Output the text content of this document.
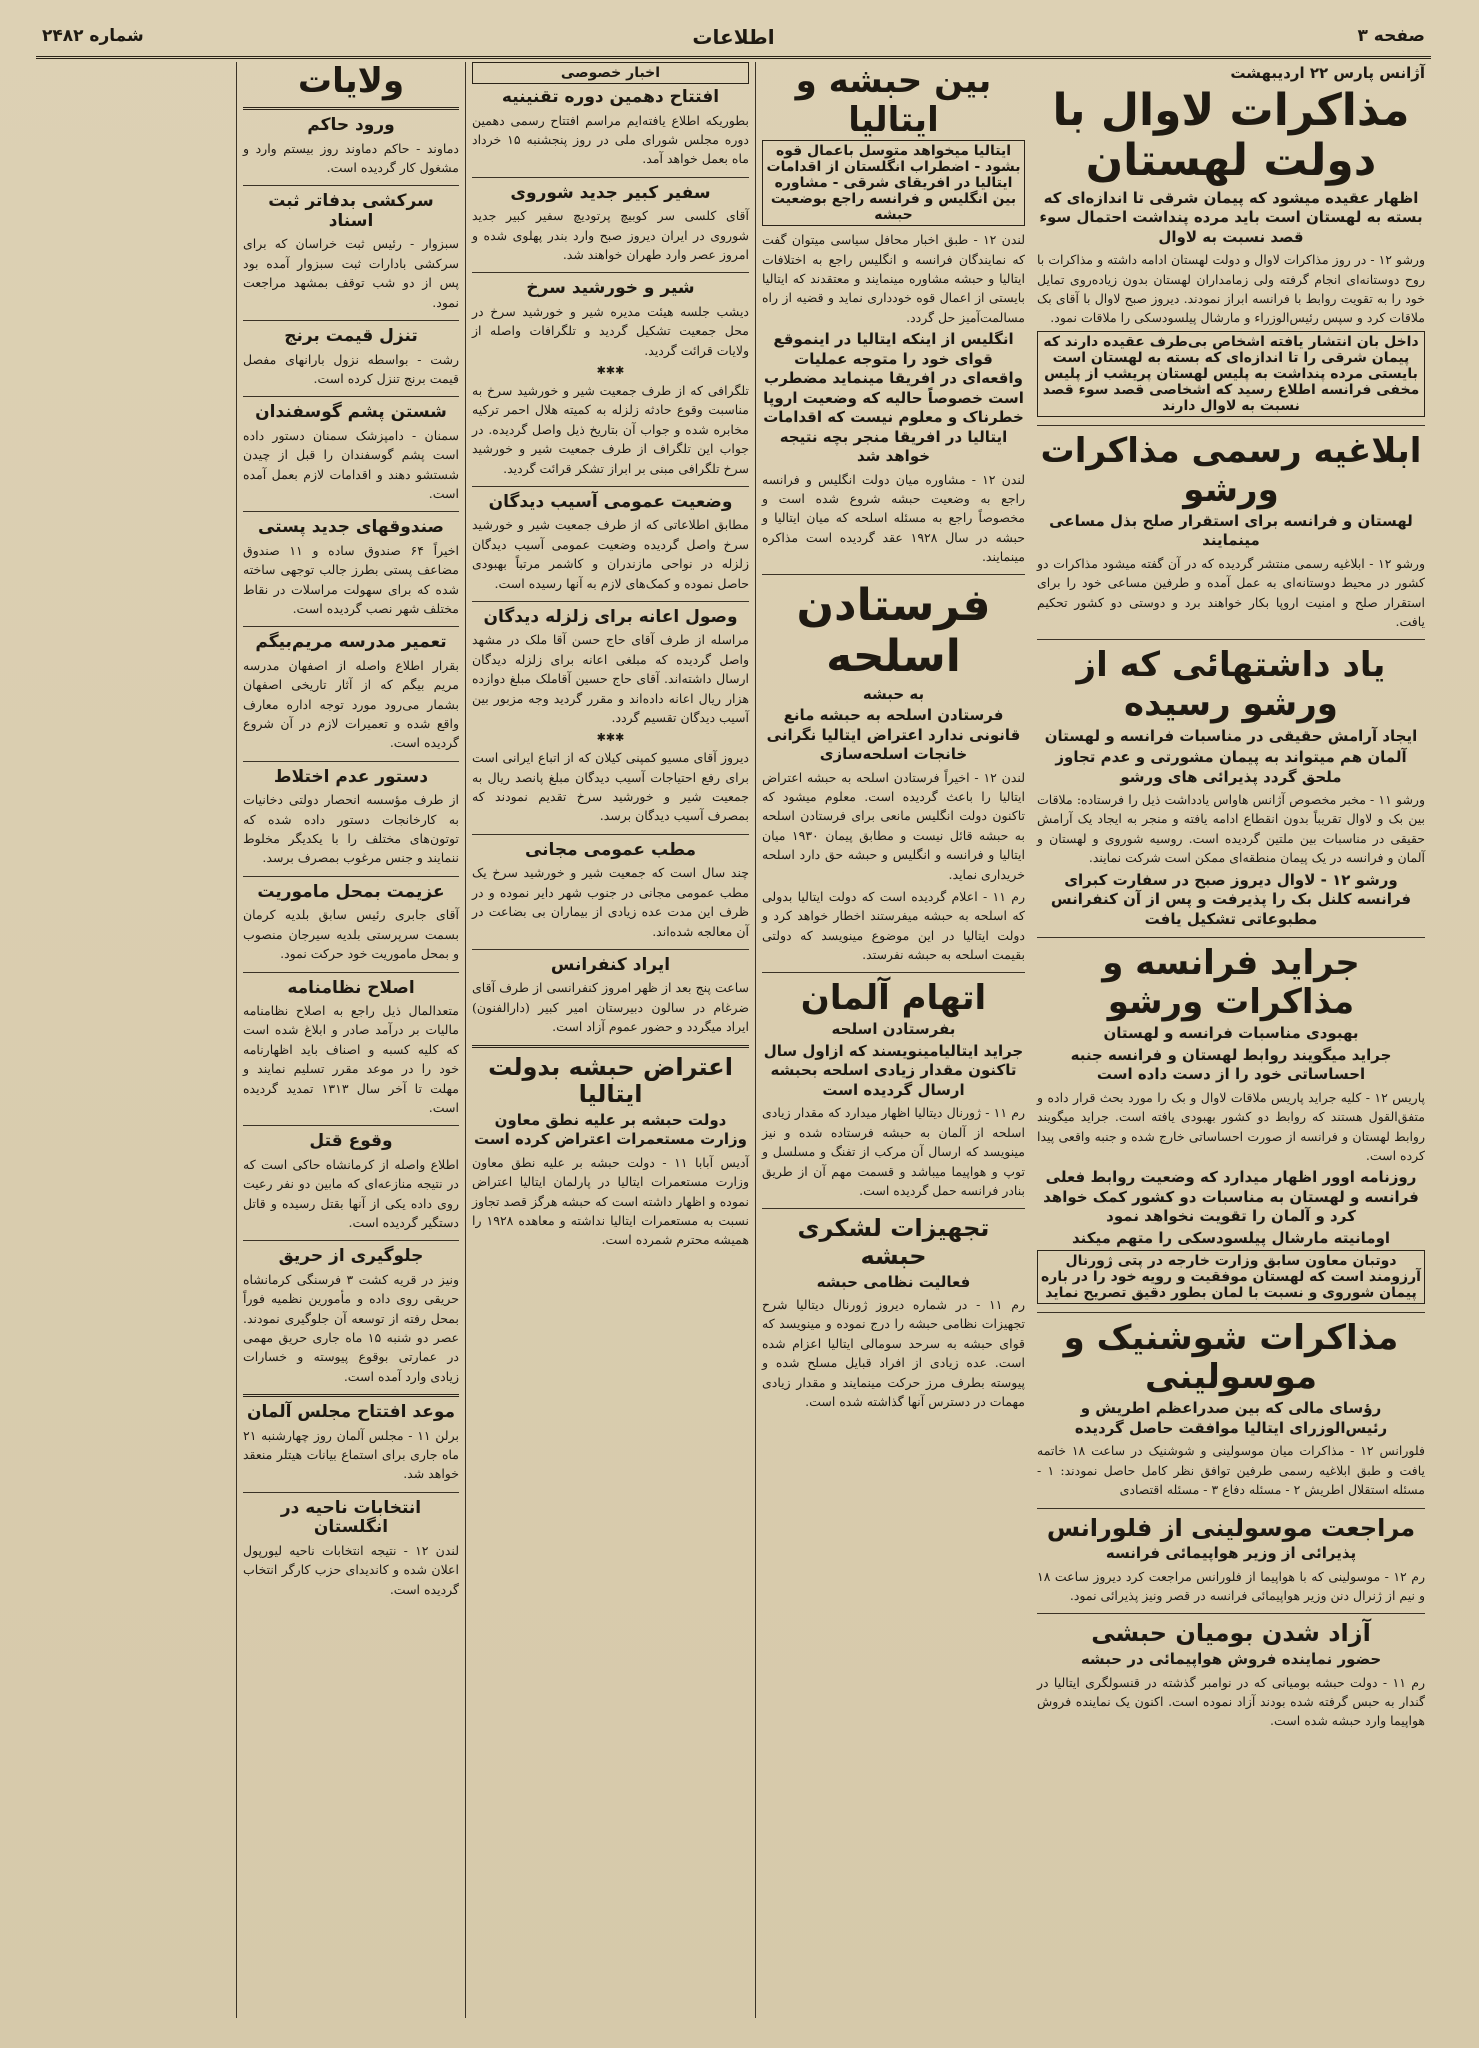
صفحه ۳
اطلاعات
شماره ۲۴۸۲
آژانس پارس ۲۲ اردیبهشت
مذاکرات لاوال با دولت لهستان
اظهار عقیده میشود که پیمان شرقی تا اندازه‌ای که بسته به لهستان است باید مرده پنداشت احتمال سوء قصد نسبت به لاوال

ورشو ۱۲ - در روز مذاکرات لاوال و دولت لهستان ادامه داشته و مذاکرات با روح دوستانه‌ای انجام گرفته ولی زمامداران لهستان بدون زیاده‌روی تمایل خود را به تقویت روابط با فرانسه ابراز نمودند. دیروز صبح لاوال با آقای بک ملاقات کرد و سپس رئیس‌الوزراء و مارشال پیلسودسکی را ملاقات نمود.

داخل بان انتشار یافته اشخاص بی‌طرف عقیده دارند که پیمان شرقی را تا اندازه‌ای که بسته به لهستان است بایستی مرده پنداشت به پلیس لهستان پریشب از پلیس مخفی فرانسه اطلاع رسید که اشخاصی قصد سوء قصد نسبت به لاوال دارند
ابلاغیه رسمی مذاکرات ورشو
لهستان و فرانسه برای استقرار صلح بذل مساعی مینمایند

ورشو ۱۲ - ابلاغیه رسمی منتشر گردیده که در آن گفته میشود مذاکرات دو کشور در محیط دوستانه‌ای به عمل آمده و طرفین مساعی خود را برای استقرار صلح و امنیت اروپا بکار خواهند برد و دوستی دو کشور تحکیم یافت.

یاد داشتهائی که از ورشو رسیده
ایجاد آرامش حقیقی در مناسبات فرانسه و لهستان
آلمان هم میتواند به پیمان مشورتی و عدم تجاوز ملحق گردد پذیرائی های ورشو

ورشو ۱۱ - مخبر مخصوص آژانس هاواس یادداشت ذیل را فرستاده: ملاقات بین بک و لاوال تقریباً بدون انقطاع ادامه یافته و منجر به ایجاد یک آرامش حقیقی در مناسبات بین ملتین گردیده است. روسیه شوروی و لهستان و آلمان و فرانسه در یک پیمان منطقه‌ای ممکن است شرکت نمایند.

ورشو ۱۲ - لاوال دیروز صبح در سفارت کبرای فرانسه کلنل بک را پذیرفت و پس از آن کنفرانس مطبوعاتی تشکیل یافت
جراید فرانسه و مذاکرات ورشو
بهبودی مناسبات فرانسه و لهستان
جراید میگویند روابط لهستان و فرانسه جنبه احساساتی خود را از دست داده است

پاریس ۱۲ - کلیه جراید پاریس ملاقات لاوال و بک را مورد بحث قرار داده و متفق‌القول هستند که روابط دو کشور بهبودی یافته است. جراید میگویند روابط لهستان و فرانسه از صورت احساساتی خارج شده و جنبه واقعی پیدا کرده است.

روزنامه اوور اظهار میدارد که وضعیت روابط فعلی فرانسه و لهستان به مناسبات دو کشور کمک خواهد کرد و آلمان را تقویت نخواهد نمود
اومانیته مارشال پیلسودسکی را متهم میکند
دوتبان معاون سابق وزارت خارجه در پتی ژورنال آرزومند است که لهستان موفقیت و رویه خود را در باره پیمان شوروی و نسبت با لمان بطور دقیق تصریح نماید
مذاکرات شوشنیک و موسولینی
رؤسای مالی که بین صدراعظم اطریش و رئیس‌الوزرای ایتالیا موافقت حاصل گردیده

فلورانس ۱۲ - مذاکرات میان موسولینی و شوشنیک در ساعت ۱۸ خاتمه یافت و طبق ابلاغیه رسمی طرفین توافق نظر کامل حاصل نمودند: ۱ - مسئله استقلال اطریش ۲ - مسئله دفاع ۳ - مسئله اقتصادی

مراجعت موسولینی از فلورانس
پذیرائی از وزیر هواپیمائی فرانسه

رم ۱۲ - موسولینی که با هواپیما از فلورانس مراجعت کرد دیروز ساعت ۱۸ و نیم از ژنرال دنن وزیر هواپیمائی فرانسه در قصر ونیز پذیرائی نمود.

آزاد شدن بومیان حبشی
حضور نماینده فروش هواپیمائی در حبشه

رم ۱۱ - دولت حبشه بومیانی که در نوامبر گذشته در قنسولگری ایتالیا در گندار به حبس گرفته شده بودند آزاد نموده است. اکنون یک نماینده فروش هواپیما وارد حبشه شده است.

بین حبشه و ایتالیا
ایتالیا میخواهد متوسل باعمال قوه بشود - اضطراب انگلستان از اقدامات ایتالیا در افریقای شرقی - مشاوره بین انگلیس و فرانسه راجع بوضعیت حبشه

لندن ۱۲ - طبق اخبار محافل سیاسی میتوان گفت که نمایندگان فرانسه و انگلیس راجع به اختلافات ایتالیا و حبشه مشاوره مینمایند و معتقدند که ایتالیا بایستی از اعمال قوه خودداری نماید و قضیه از راه مسالمت‌آمیز حل گردد.

انگلیس از اینکه ایتالیا در اینموقع قوای خود را متوجه عملیات واقعه‌ای در افریقا مینماید مضطرب است خصوصاً حالیه که وضعیت اروپا خطرناک و معلوم نیست که اقدامات ایتالیا در افریقا منجر بچه نتیجه خواهد شد

لندن ۱۲ - مشاوره میان دولت انگلیس و فرانسه راجع به وضعیت حبشه شروع شده است و مخصوصاً راجع به مسئله اسلحه که میان ایتالیا و حبشه در سال ۱۹۲۸ عقد گردیده است مذاکره مینمایند.

فرستادن اسلحه
به حبشه
فرستادن اسلحه به حبشه مانع قانونی ندارد اعتراض ایتالیا نگرانی خانجات اسلحه‌سازی

لندن ۱۲ - اخیراً فرستادن اسلحه به حبشه اعتراض ایتالیا را باعث گردیده است. معلوم میشود که تاکنون دولت انگلیس مانعی برای فرستادن اسلحه به حبشه قائل نیست و مطابق پیمان ۱۹۳۰ میان ایتالیا و فرانسه و انگلیس و حبشه حق دارد اسلحه خریداری نماید.

رم ۱۱ - اعلام گردیده است که دولت ایتالیا بدولی که اسلحه به حبشه میفرستند اخطار خواهد کرد و دولت ایتالیا در این موضوع مینویسد که دولتی بقیمت اسلحه به حبشه نفرستد.

اتهام آلمان
بفرستادن اسلحه
جراید ایتالیامینویسند که ازاول سال تاکنون مقدار زیادی اسلحه بحبشه ارسال گردیده است

رم ۱۱ - ژورنال دیتالیا اظهار میدارد که مقدار زیادی اسلحه از آلمان به حبشه فرستاده شده و نیز مینویسد که ارسال آن مرکب از تفنگ و مسلسل و توپ و هواپیما میباشد و قسمت مهم آن از طریق بنادر فرانسه حمل گردیده است.

تجهیزات لشکری حبشه
فعالیت نظامی حبشه

رم ۱۱ - در شماره دیروز ژورنال دیتالیا شرح تجهیزات نظامی حبشه را درج نموده و مینویسد که قوای حبشه به سرحد سومالی ایتالیا اعزام شده است. عده زیادی از افراد قبایل مسلح شده و پیوسته بطرف مرز حرکت مینمایند و مقدار زیادی مهمات در دسترس آنها گذاشته شده است.

اخبار خصوصی
افتتاح دهمین دوره تقنینیه

بطوریکه اطلاع یافته‌ایم مراسم افتتاح رسمی دهمین دوره مجلس شورای ملی در روز پنجشنبه ۱۵ خرداد ماه بعمل خواهد آمد.

سفیر کبیر جدید شوروی

آقای کلسی سر کوبیچ پرتودیچ سفیر کبیر جدید شوروی در ایران دیروز صبح وارد بندر پهلوی شده و امروز عصر وارد طهران خواهند شد.

شیر و خورشید سرخ

دیشب جلسه هیئت مدیره شیر و خورشید سرخ در محل جمعیت تشکیل گردید و تلگرافات واصله از ولایات قرائت گردید.

✱✱✱

تلگرافی که از طرف جمعیت شیر و خورشید سرخ به مناسبت وقوع حادثه زلزله به کمیته هلال احمر ترکیه مخابره شده و جواب آن بتاریخ ذیل واصل گردیده. در جواب این تلگراف از طرف جمعیت شیر و خورشید سرخ تلگرافی مبنی بر ابراز تشکر قرائت گردید.

وضعیت عمومی آسیب دیدگان

مطابق اطلاعاتی که از طرف جمعیت شیر و خورشید سرخ واصل گردیده وضعیت عمومی آسیب دیدگان زلزله در نواحی مازندران و کاشمر مرتباً بهبودی حاصل نموده و کمک‌های لازم به آنها رسیده است.

وصول اعانه برای زلزله دیدگان

مراسله از طرف آقای حاج حسن آقا ملک در مشهد واصل گردیده که مبلغی اعانه برای زلزله دیدگان ارسال داشته‌اند. آقای حاج حسین آقاملک مبلغ دوازده هزار ریال اعانه داده‌اند و مقرر گردید وجه مزبور بین آسیب دیدگان تقسیم گردد.

✱✱✱

دیروز آقای مسیو کمپنی کیلان که از اتباع ایرانی است برای رفع احتیاجات آسیب دیدگان مبلغ پانصد ریال به جمعیت شیر و خورشید سرخ تقدیم نمودند که بمصرف آسیب دیدگان برسد.

مطب عمومی مجانی

چند سال است که جمعیت شیر و خورشید سرخ یک مطب عمومی مجانی در جنوب شهر دایر نموده و در ظرف این مدت عده زیادی از بیماران بی بضاعت در آن معالجه شده‌اند.

ایراد کنفرانس

ساعت پنج بعد از ظهر امروز کنفرانسی از طرف آقای ضرغام در سالون دبیرستان امیر کبیر (دارالفنون) ایراد میگردد و حضور عموم آزاد است.

اعتراض حبشه بدولت ایتالیا
دولت حبشه بر علیه نطق معاون وزارت مستعمرات اعتراض کرده است

آدیس آبابا ۱۱ - دولت حبشه بر علیه نطق معاون وزارت مستعمرات ایتالیا در پارلمان ایتالیا اعتراض نموده و اظهار داشته است که حبشه هرگز قصد تجاوز نسبت به مستعمرات ایتالیا نداشته و معاهده ۱۹۲۸ را همیشه محترم شمرده است.

ولایات
ورود حاکم

دماوند - حاکم دماوند روز بیستم وارد و مشغول کار گردیده است.

سرکشی بدفاتر ثبت اسناد

سبزوار - رئیس ثبت خراسان که برای سرکشی بادارات ثبت سبزوار آمده بود پس از دو شب توقف بمشهد مراجعت نمود.

تنزل قیمت برنج

رشت - بواسطه نزول بارانهای مفصل قیمت برنج تنزل کرده است.

شستن پشم گوسفندان

سمنان - دامپزشک سمنان دستور داده است پشم گوسفندان را قبل از چیدن شستشو دهند و اقدامات لازم بعمل آمده است.

صندوقهای جدید پستی

اخیراً ۶۴ صندوق ساده و ۱۱ صندوق مضاعف پستی بطرز جالب توجهی ساخته شده که برای سهولت مراسلات در نقاط مختلف شهر نصب گردیده است.

تعمیر مدرسه مریم‌بیگم

بقرار اطلاع واصله از اصفهان مدرسه مریم بیگم که از آثار تاریخی اصفهان بشمار می‌رود مورد توجه اداره معارف واقع شده و تعمیرات لازم در آن شروع گردیده است.

دستور عدم اختلاط

از طرف مؤسسه انحصار دولتی دخانیات به کارخانجات دستور داده شده که توتون‌های مختلف را با یکدیگر مخلوط ننمایند و جنس مرغوب بمصرف برسد.

عزیمت بمحل ماموریت

آقای جابری رئیس سابق بلدیه کرمان بسمت سرپرستی بلدیه سیرجان منصوب و بمحل ماموریت خود حرکت نمود.

اصلاح نظامنامه

متعدالمال ذیل راجع به اصلاح نظامنامه مالیات بر درآمد صادر و ابلاغ شده است که کلیه کسبه و اصناف باید اظهارنامه خود را در موعد مقرر تسلیم نمایند و مهلت تا آخر سال ۱۳۱۳ تمدید گردیده است.

وقوع قتل

اطلاع واصله از کرمانشاه حاکی است که در نتیجه منازعه‌ای که مابین دو نفر رعیت روی داده یکی از آنها بقتل رسیده و قاتل دستگیر گردیده است.

جلوگیری از حریق

ونیز در قریه کشت ۳ فرسنگی کرمانشاه حریقی روی داده و مأمورین نظمیه فوراً بمحل رفته از توسعه آن جلوگیری نمودند. عصر دو شنبه ۱۵ ماه جاری حریق مهمی در عمارتی بوقوع پیوسته و خسارات زیادی وارد آمده است.

موعد افتتاح مجلس آلمان

برلن ۱۱ - مجلس آلمان روز چهارشنبه ۲۱ ماه جاری برای استماع بیانات هیتلر منعقد خواهد شد.

انتخابات ناحیه در انگلستان

لندن ۱۲ - نتیجه انتخابات ناحیه لیورپول اعلان شده و کاندیدای حزب کارگر انتخاب گردیده است.
